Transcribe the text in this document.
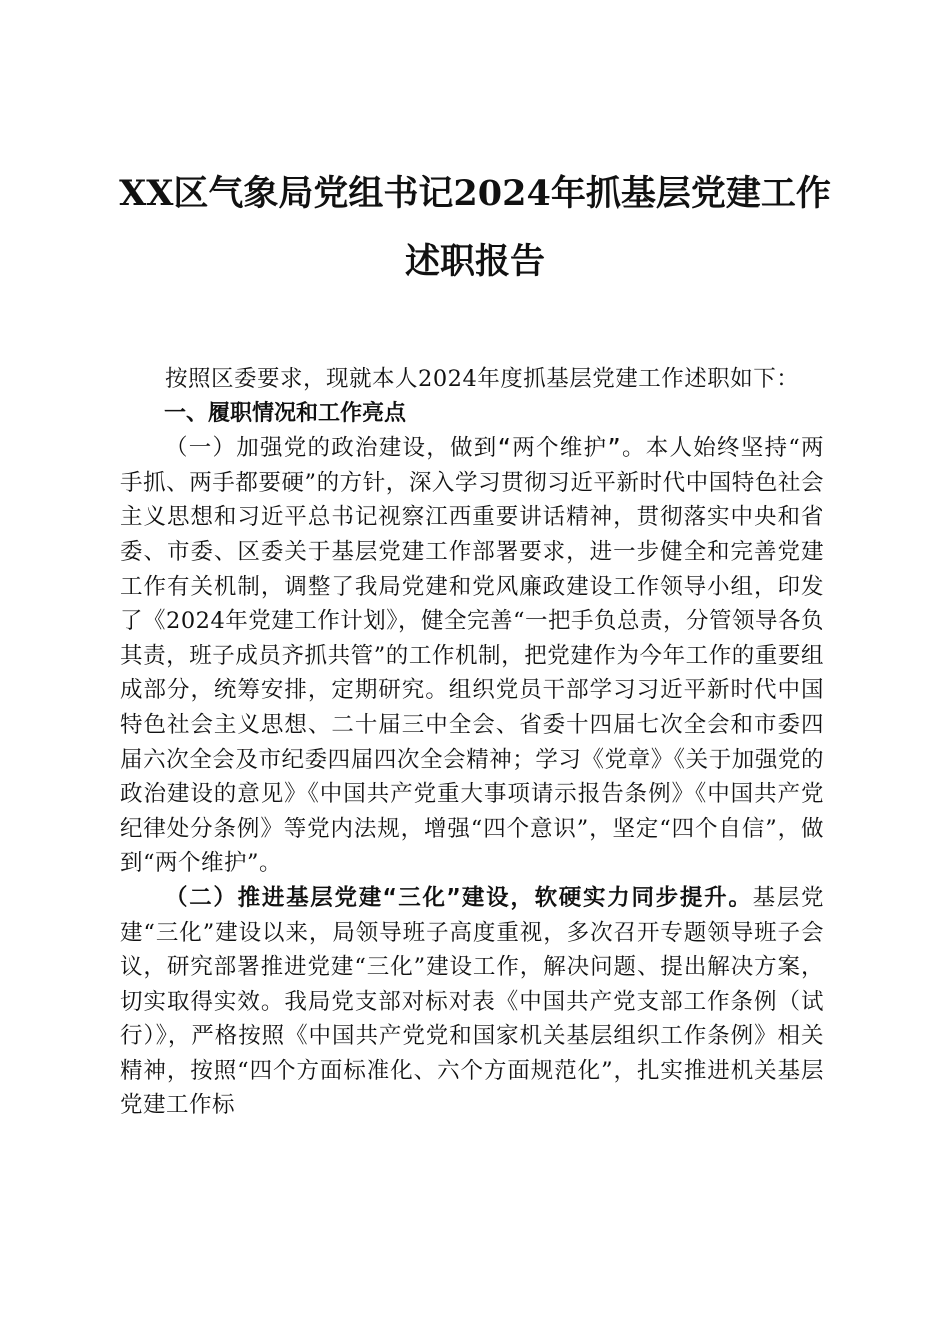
XX区气象局党组书记2024年抓基层党建工作
述职报告

按照区委要求，现就本人2024年度抓基层党建工作述职如下：

一、履职情况和工作亮点

（一）加强党的政治建设，做到“两个维护”。本人始终坚持“两手抓、两手都要硬”的方针，深入学习贯彻习近平新时代中国特色社会主义思想和习近平总书记视察江西重要讲话精神，贯彻落实中央和省委、市委、区委关于基层党建工作部署要求，进一步健全和完善党建工作有关机制，调整了我局党建和党风廉政建设工作领导小组，印发了《2024年党建工作计划》，健全完善“一把手负总责，分管领导各负其责，班子成员齐抓共管”的工作机制，把党建作为今年工作的重要组成部分，统筹安排，定期研究。组织党员干部学习习近平新时代中国特色社会主义思想、二十届三中全会、省委十四届七次全会和市委四届六次全会及市纪委四届四次全会精神；学习《党章》《关于加强党的政治建设的意见》《中国共产党重大事项请示报告条例》《中国共产党纪律处分条例》等党内法规，增强“四个意识”，坚定“四个自信”，做到“两个维护”。

（二）推进基层党建“三化”建设，软硬实力同步提升。基层党建“三化”建设以来，局领导班子高度重视，多次召开专题领导班子会议，研究部署推进党建“三化”建设工作，解决问题、提出解决方案，切实取得实效。我局党支部对标对表《中国共产党支部工作条例（试行）》，严格按照《中国共产党党和国家机关基层组织工作条例》相关精神，按照“四个方面标准化、六个方面规范化”，扎实推进机关基层党建工作标
